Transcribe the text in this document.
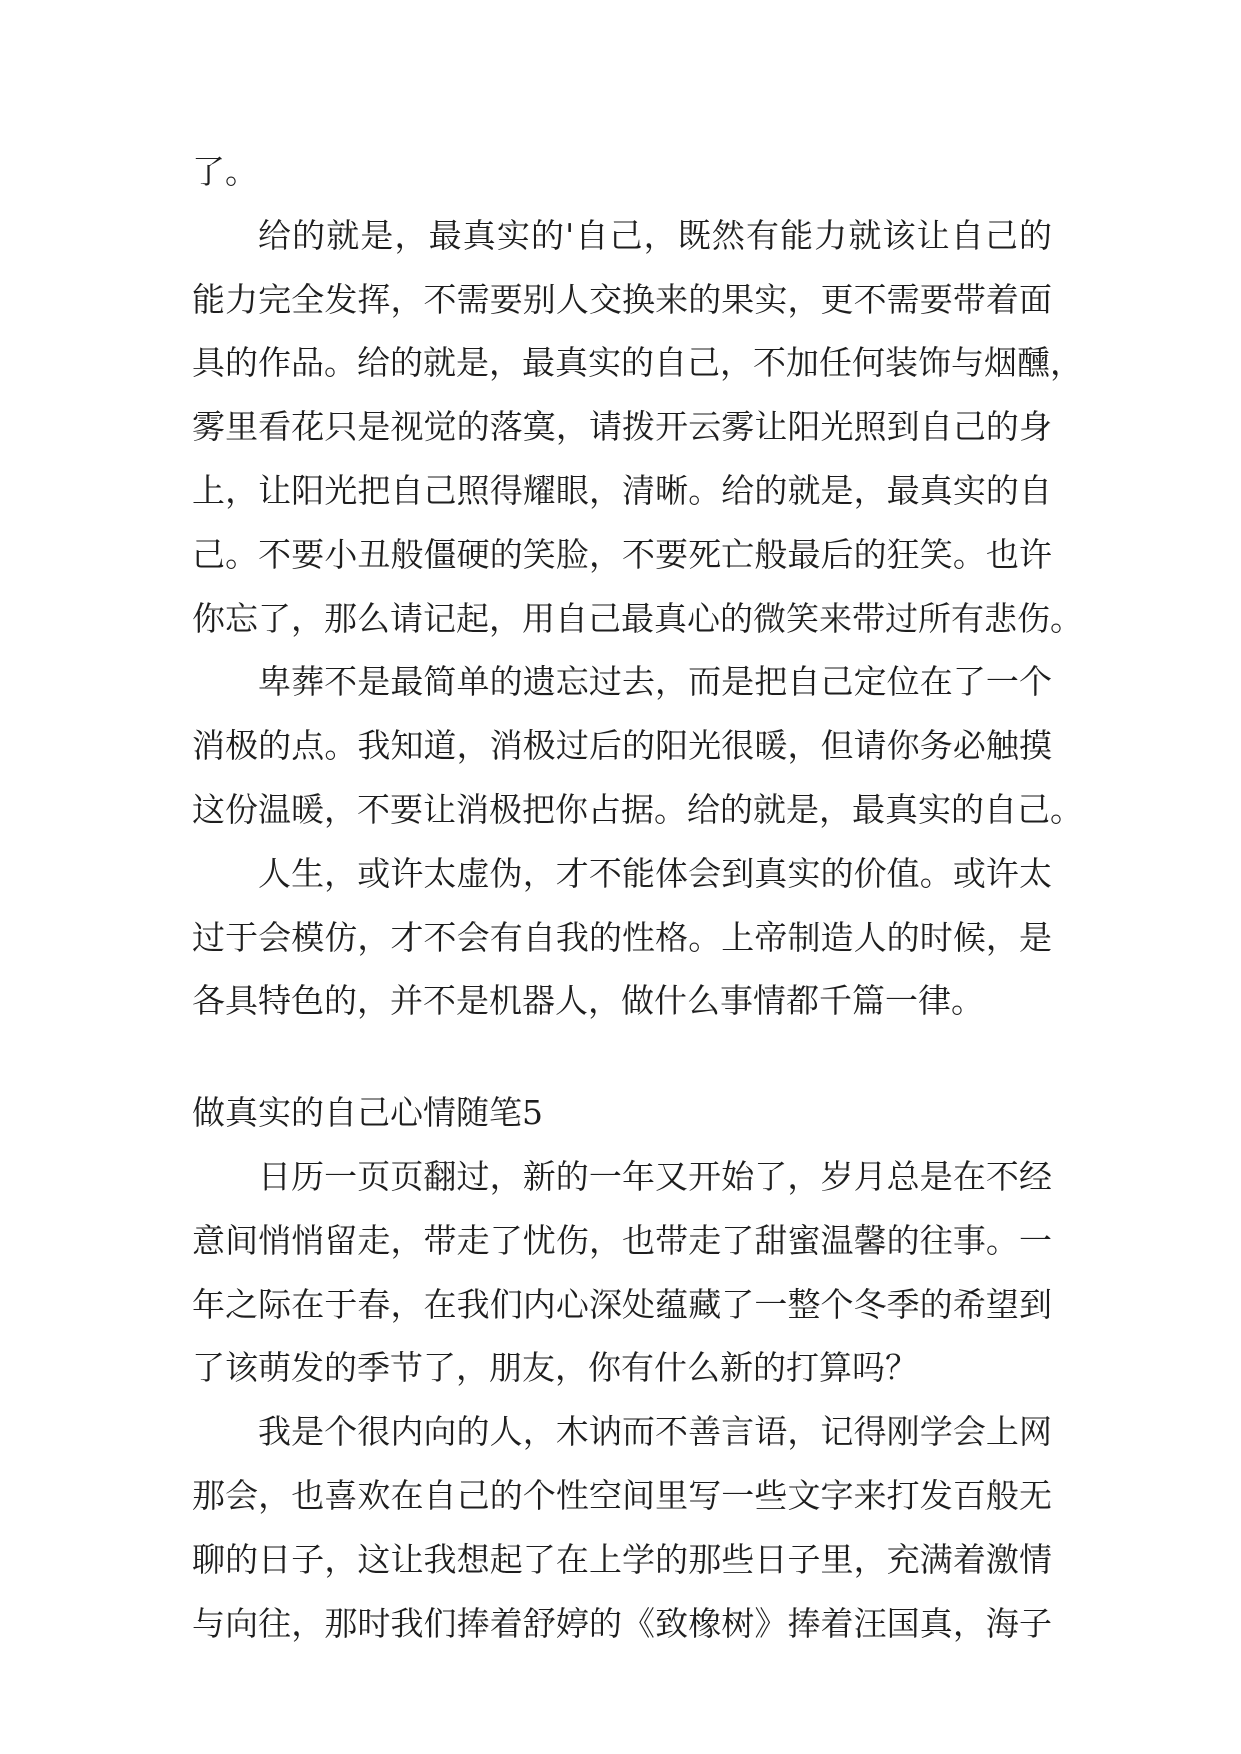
了。
给的就是，最真实的'自己，既然有能力就该让自己的
能力完全发挥，不需要别人交换来的果实，更不需要带着面
具的作品。给的就是，最真实的自己，不加任何装饰与烟醺，
雾里看花只是视觉的落寞，请拨开云雾让阳光照到自己的身
上，让阳光把自己照得耀眼，清晰。给的就是，最真实的自
己。不要小丑般僵硬的笑脸，不要死亡般最后的狂笑。也许
你忘了，那么请记起，用自己最真心的微笑来带过所有悲伤。
卑葬不是最简单的遗忘过去，而是把自己定位在了一个
消极的点。我知道，消极过后的阳光很暖，但请你务必触摸
这份温暖，不要让消极把你占据。给的就是，最真实的自己。
人生，或许太虚伪，才不能体会到真实的价值。或许太
过于会模仿，才不会有自我的性格。上帝制造人的时候，是
各具特色的，并不是机器人，做什么事情都千篇一律。
做真实的自己心情随笔5
日历一页页翻过，新的一年又开始了，岁月总是在不经
意间悄悄留走，带走了忧伤，也带走了甜蜜温馨的往事。一
年之际在于春，在我们内心深处蕴藏了一整个冬季的希望到
了该萌发的季节了，朋友，你有什么新的打算吗？
我是个很内向的人，木讷而不善言语，记得刚学会上网
那会，也喜欢在自己的个性空间里写一些文字来打发百般无
聊的日子，这让我想起了在上学的那些日子里，充满着激情
与向往，那时我们捧着舒婷的《致橡树》捧着汪国真，海子
